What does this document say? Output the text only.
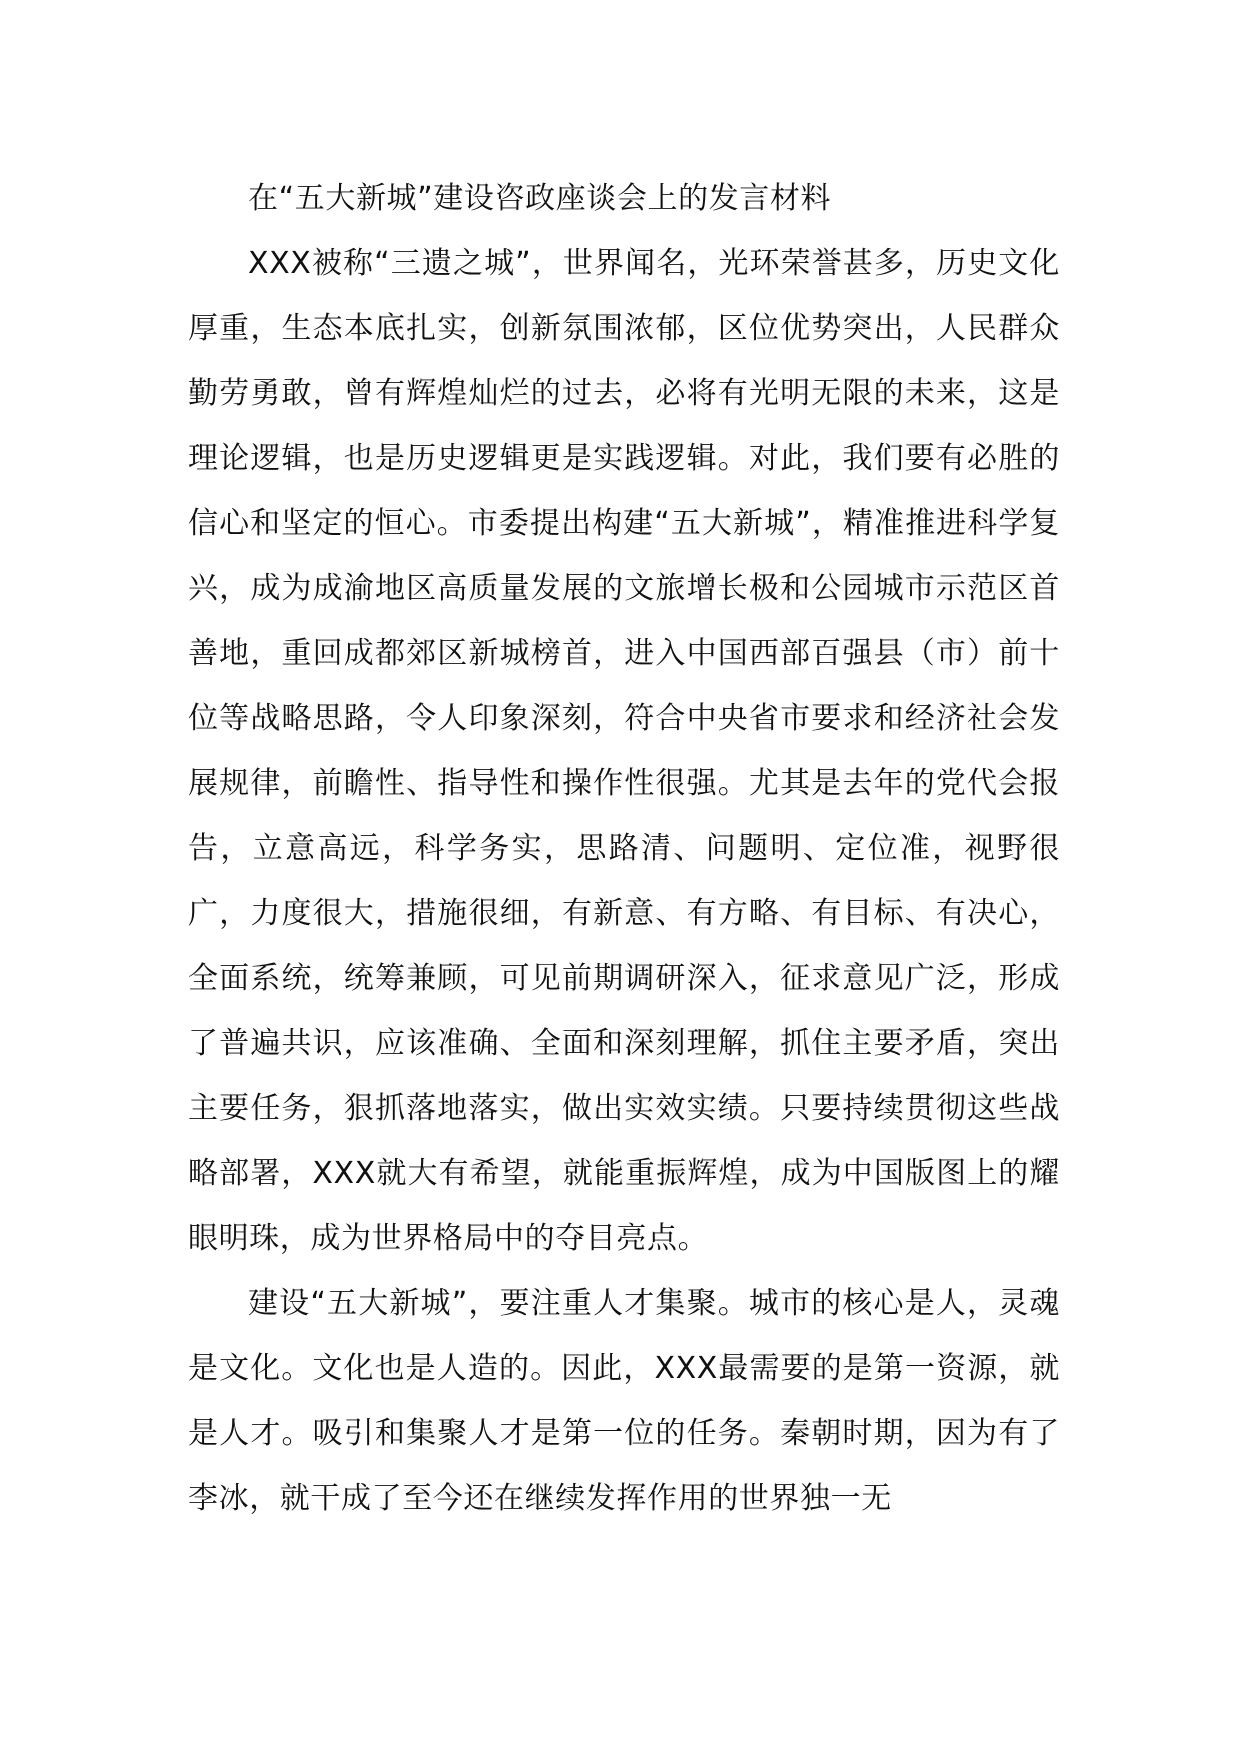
在“五大新城”建设咨政座谈会上的发言材料

XXX被称“三遗之城”，世界闻名，光环荣誉甚多，历史文化厚重，生态本底扎实，创新氛围浓郁，区位优势突出，人民群众勤劳勇敢，曾有辉煌灿烂的过去，必将有光明无限的未来，这是理论逻辑，也是历史逻辑更是实践逻辑。对此，我们要有必胜的信心和坚定的恒心。市委提出构建“五大新城”，精准推进科学复兴，成为成渝地区高质量发展的文旅增长极和公园城市示范区首善地，重回成都郊区新城榜首，进入中国西部百强县（市）前十位等战略思路，令人印象深刻，符合中央省市要求和经济社会发展规律，前瞻性、指导性和操作性很强。尤其是去年的党代会报告，立意高远，科学务实，思路清、问题明、定位准，视野很广，力度很大，措施很细，有新意、有方略、有目标、有决心，全面系统，统筹兼顾，可见前期调研深入，征求意见广泛，形成了普遍共识，应该准确、全面和深刻理解，抓住主要矛盾，突出主要任务，狠抓落地落实，做出实效实绩。只要持续贯彻这些战略部署，XXX就大有希望，就能重振辉煌，成为中国版图上的耀眼明珠，成为世界格局中的夺目亮点。

建设“五大新城”，要注重人才集聚。城市的核心是人，灵魂是文化。文化也是人造的。因此，XXX最需要的是第一资源，就是人才。吸引和集聚人才是第一位的任务。秦朝时期，因为有了李冰，就干成了至今还在继续发挥作用的世界独一无
